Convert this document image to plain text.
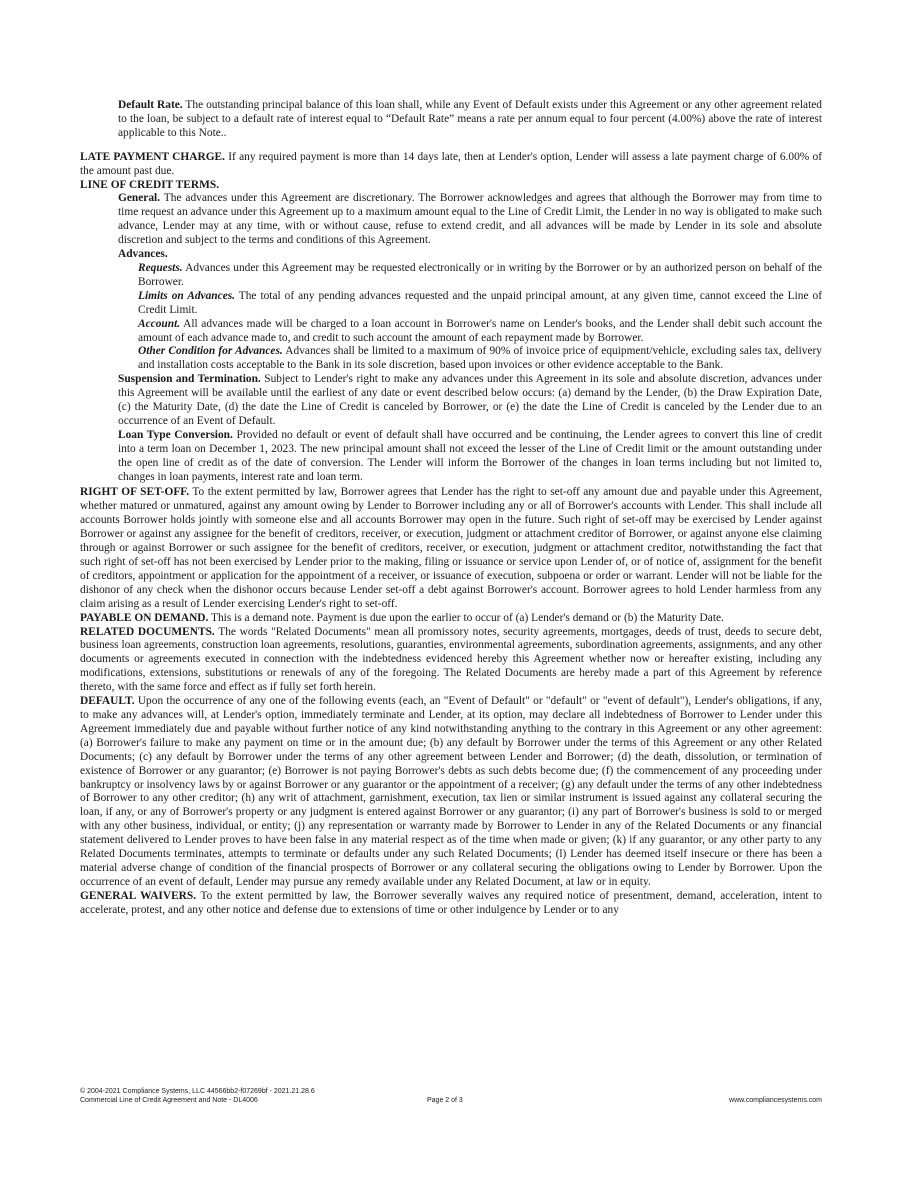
Default Rate. The outstanding principal balance of this loan shall, while any Event of Default exists under this Agreement or any other agreement related to the loan, be subject to a default rate of interest equal to “Default Rate” means a rate per annum equal to four percent (4.00%) above the rate of interest applicable to this Note..

LATE PAYMENT CHARGE. If any required payment is more than 14 days late, then at Lender's option, Lender will assess a late payment charge of 6.00% of the amount past due.

LINE OF CREDIT TERMS.

General. The advances under this Agreement are discretionary. The Borrower acknowledges and agrees that although the Borrower may from time to time request an advance under this Agreement up to a maximum amount equal to the Line of Credit Limit, the Lender in no way is obligated to make such advance, Lender may at any time, with or without cause, refuse to extend credit, and all advances will be made by Lender in its sole and absolute discretion and subject to the terms and conditions of this Agreement.

Advances.

Requests. Advances under this Agreement may be requested electronically or in writing by the Borrower or by an authorized person on behalf of the Borrower.

Limits on Advances. The total of any pending advances requested and the unpaid principal amount, at any given time, cannot exceed the Line of Credit Limit.

Account. All advances made will be charged to a loan account in Borrower's name on Lender's books, and the Lender shall debit such account the amount of each advance made to, and credit to such account the amount of each repayment made by Borrower.

Other Condition for Advances. Advances shall be limited to a maximum of 90% of invoice price of equipment/vehicle, excluding sales tax, delivery and installation costs acceptable to the Bank in its sole discretion, based upon invoices or other evidence acceptable to the Bank.

Suspension and Termination. Subject to Lender's right to make any advances under this Agreement in its sole and absolute discretion, advances under this Agreement will be available until the earliest of any date or event described below occurs: (a) demand by the Lender, (b) the Draw Expiration Date, (c) the Maturity Date, (d) the date the Line of Credit is canceled by Borrower, or (e) the date the Line of Credit is canceled by the Lender due to an occurrence of an Event of Default.

Loan Type Conversion. Provided no default or event of default shall have occurred and be continuing, the Lender agrees to convert this line of credit into a term loan on December 1, 2023. The new principal amount shall not exceed the lesser of the Line of Credit limit or the amount outstanding under the open line of credit as of the date of conversion. The Lender will inform the Borrower of the changes in loan terms including but not limited to, changes in loan payments, interest rate and loan term.

RIGHT OF SET-OFF. To the extent permitted by law, Borrower agrees that Lender has the right to set-off any amount due and payable under this Agreement, whether matured or unmatured, against any amount owing by Lender to Borrower including any or all of Borrower's accounts with Lender. This shall include all accounts Borrower holds jointly with someone else and all accounts Borrower may open in the future. Such right of set-off may be exercised by Lender against Borrower or against any assignee for the benefit of creditors, receiver, or execution, judgment or attachment creditor of Borrower, or against anyone else claiming through or against Borrower or such assignee for the benefit of creditors, receiver, or execution, judgment or attachment creditor, notwithstanding the fact that such right of set-off has not been exercised by Lender prior to the making, filing or issuance or service upon Lender of, or of notice of, assignment for the benefit of creditors, appointment or application for the appointment of a receiver, or issuance of execution, subpoena or order or warrant. Lender will not be liable for the dishonor of any check when the dishonor occurs because Lender set-off a debt against Borrower's account. Borrower agrees to hold Lender harmless from any claim arising as a result of Lender exercising Lender's right to set-off.

PAYABLE ON DEMAND. This is a demand note. Payment is due upon the earlier to occur of (a) Lender's demand or (b) the Maturity Date.

RELATED DOCUMENTS. The words "Related Documents" mean all promissory notes, security agreements, mortgages, deeds of trust, deeds to secure debt, business loan agreements, construction loan agreements, resolutions, guaranties, environmental agreements, subordination agreements, assignments, and any other documents or agreements executed in connection with the indebtedness evidenced hereby this Agreement whether now or hereafter existing, including any modifications, extensions, substitutions or renewals of any of the foregoing. The Related Documents are hereby made a part of this Agreement by reference thereto, with the same force and effect as if fully set forth herein.

DEFAULT. Upon the occurrence of any one of the following events (each, an "Event of Default" or "default" or "event of default"), Lender's obligations, if any, to make any advances will, at Lender's option, immediately terminate and Lender, at its option, may declare all indebtedness of Borrower to Lender under this Agreement immediately due and payable without further notice of any kind notwithstanding anything to the contrary in this Agreement or any other agreement: (a) Borrower's failure to make any payment on time or in the amount due; (b) any default by Borrower under the terms of this Agreement or any other Related Documents; (c) any default by Borrower under the terms of any other agreement between Lender and Borrower; (d) the death, dissolution, or termination of existence of Borrower or any guarantor; (e) Borrower is not paying Borrower's debts as such debts become due; (f) the commencement of any proceeding under bankruptcy or insolvency laws by or against Borrower or any guarantor or the appointment of a receiver; (g) any default under the terms of any other indebtedness of Borrower to any other creditor; (h) any writ of attachment, garnishment, execution, tax lien or similar instrument is issued against any collateral securing the loan, if any, or any of Borrower's property or any judgment is entered against Borrower or any guarantor; (i) any part of Borrower's business is sold to or merged with any other business, individual, or entity; (j) any representation or warranty made by Borrower to Lender in any of the Related Documents or any financial statement delivered to Lender proves to have been false in any material respect as of the time when made or given; (k) if any guarantor, or any other party to any Related Documents terminates, attempts to terminate or defaults under any such Related Documents; (l) Lender has deemed itself insecure or there has been a material adverse change of condition of the financial prospects of Borrower or any collateral securing the obligations owing to Lender by Borrower. Upon the occurrence of an event of default, Lender may pursue any remedy available under any Related Document, at law or in equity.

GENERAL WAIVERS. To the extent permitted by law, the Borrower severally waives any required notice of presentment, demand, acceleration, intent to accelerate, protest, and any other notice and defense due to extensions of time or other indulgence by Lender or to any

© 2004-2021 Compliance Systems, LLC 44566bb2-f07269bf - 2021.21.28.6
Commercial Line of Credit Agreement and Note - DL4006	Page 2 of 3	www.compliancesystems.com
